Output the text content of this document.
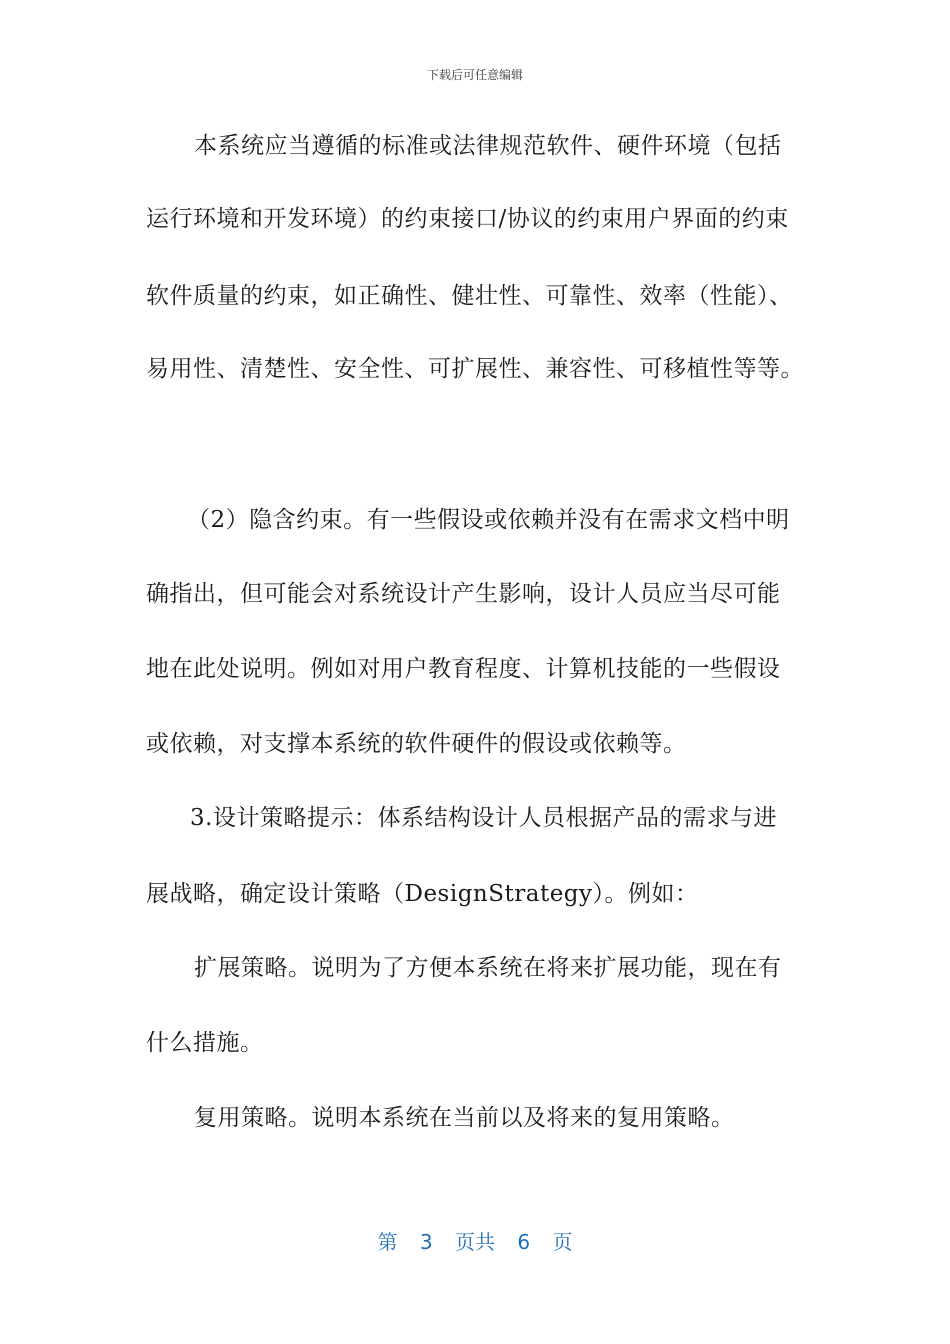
下载后可任意编辑
本系统应当遵循的标准或法律规范软件、硬件环境（包括
运行环境和开发环境）的约束接口/协议的约束用户界面的约束
软件质量的约束，如正确性、健壮性、可靠性、效率（性能）、
易用性、清楚性、安全性、可扩展性、兼容性、可移植性等等。
（2）隐含约束。有一些假设或依赖并没有在需求文档中明
确指出，但可能会对系统设计产生影响，设计人员应当尽可能
地在此处说明。例如对用户教育程度、计算机技能的一些假设
或依赖，对支撑本系统的软件硬件的假设或依赖等。
3.设计策略提示：体系结构设计人员根据产品的需求与进
展战略，确定设计策略（DesignStrategy）。例如：
扩展策略。说明为了方便本系统在将来扩展功能，现在有
什么措施。
复用策略。说明本系统在当前以及将来的复用策略。
第 3 页共 6 页
